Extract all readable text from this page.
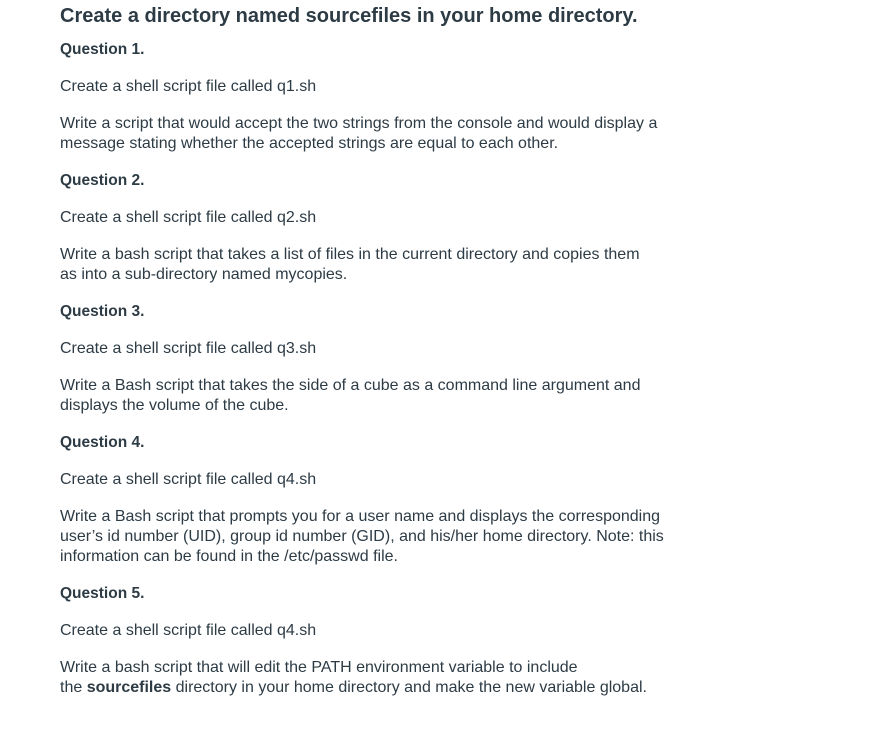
Create a directory named sourcefiles in your home directory.
Question 1.
Create a shell script file called q1.sh
Write a script that would accept the two strings from the console and would display a
message stating whether the accepted strings are equal to each other.
Question 2.
Create a shell script file called q2.sh
Write a bash script that takes a list of files in the current directory and copies them
as into a sub-directory named mycopies.
Question 3.
Create a shell script file called q3.sh
Write a Bash script that takes the side of a cube as a command line argument and
displays the volume of the cube.
Question 4.
Create a shell script file called q4.sh
Write a Bash script that prompts you for a user name and displays the corresponding
user’s id number (UID), group id number (GID), and his/her home directory. Note: this
information can be found in the /etc/passwd file.
Question 5.
Create a shell script file called q4.sh
Write a bash script that will edit the PATH environment variable to include
the sourcefiles directory in your home directory and make the new variable global.
